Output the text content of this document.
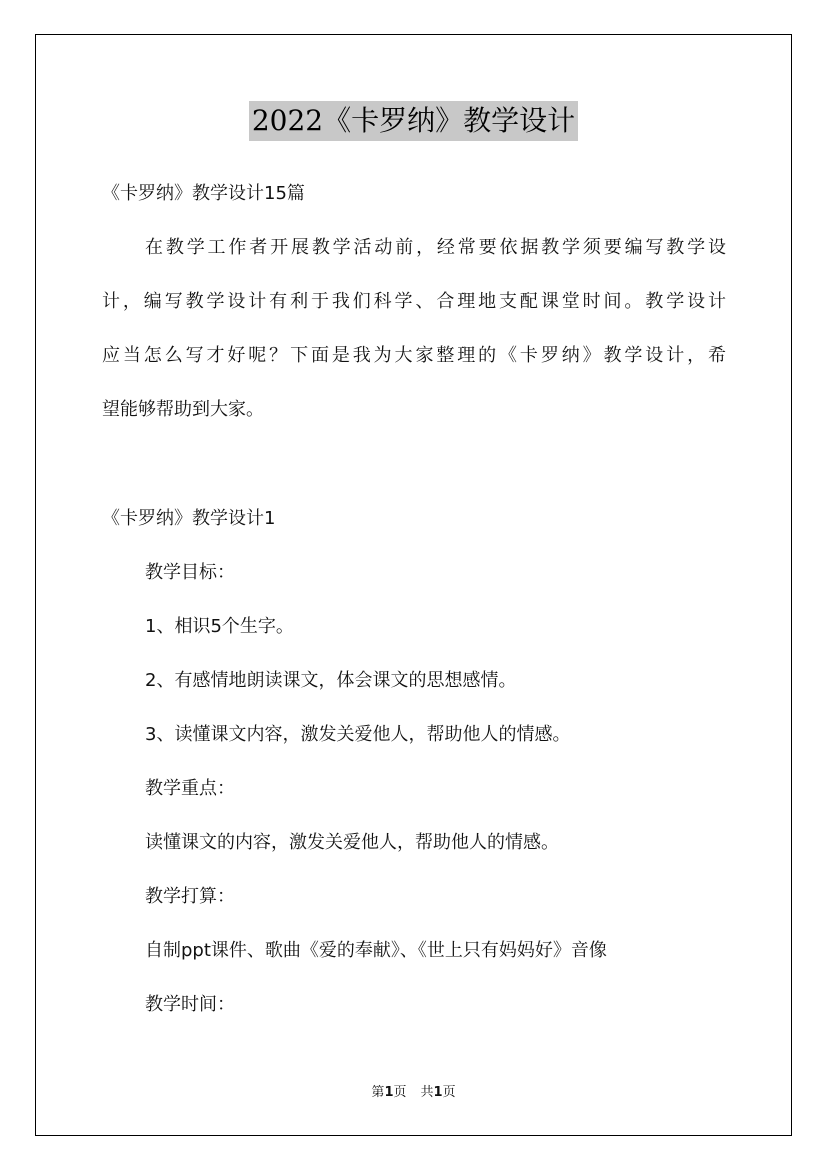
2022《卡罗纳》教学设计
《卡罗纳》教学设计15篇
在教学工作者开展教学活动前，经常要依据教学须要编写教学设
计，编写教学设计有利于我们科学、合理地支配课堂时间。教学设计
应当怎么写才好呢？下面是我为大家整理的《卡罗纳》教学设计，希
望能够帮助到大家。
《卡罗纳》教学设计1
教学目标：
1、相识5个生字。
2、有感情地朗读课文，体会课文的思想感情。
3、读懂课文内容，激发关爱他人，帮助他人的情感。
教学重点：
读懂课文的内容，激发关爱他人，帮助他人的情感。
教学打算：
自制ppt课件、歌曲《爱的奉献》、《世上只有妈妈好》音像
教学时间：
第1页 共1页
